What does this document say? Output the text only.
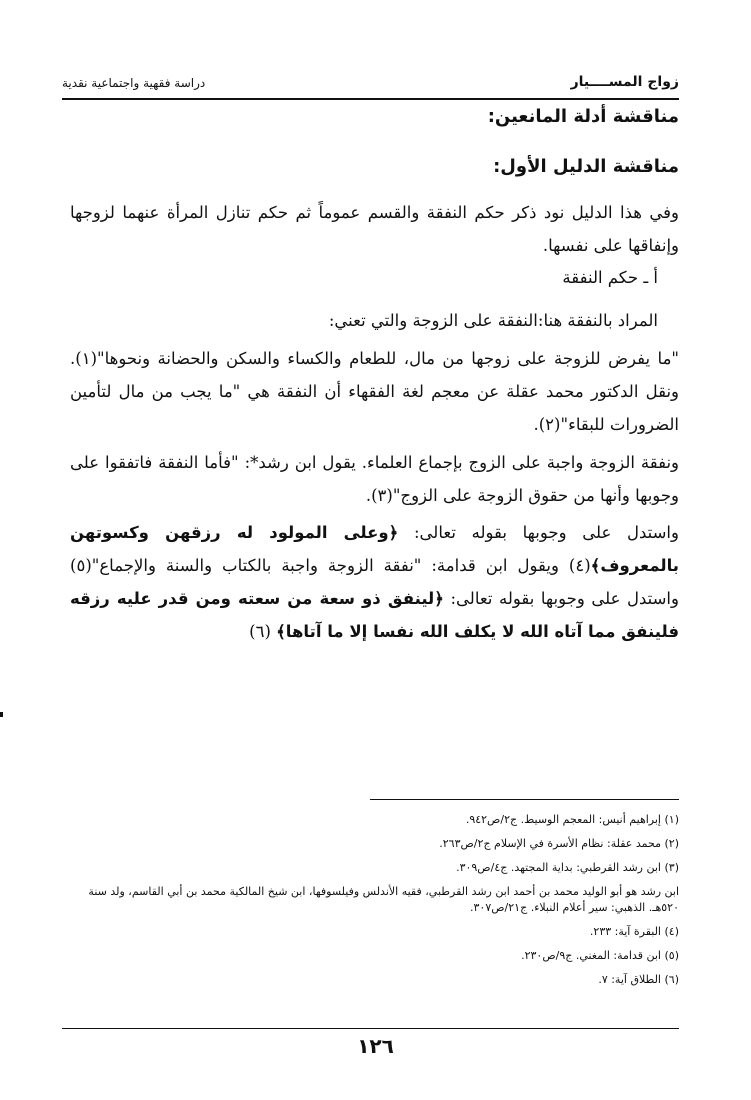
زواج المســــيار
دراسة فقهية واجتماعية نقدية
مناقشة أدلة المانعين:
مناقشة الدليل الأول:
وفي هذا الدليل نود ذكر حكم النفقة والقسم عموماً ثم حكم تنازل المرأة عنهما لزوجها وإنفاقها على نفسها.
أ ـ حكم النفقة
المراد بالنفقة هنا:النفقة على الزوجة والتي تعني:
"ما يفرض للزوجة على زوجها من مال، للطعام والكساء والسكن والحضانة ونحوها"(١). ونقل الدكتور محمد عقلة عن معجم لغة الفقهاء أن النفقة هي "ما يجب من مال لتأمين الضرورات للبقاء"(٢).
ونفقة الزوجة واجبة على الزوج بإجماع العلماء. يقول ابن رشد*: "فأما النفقة فاتفقوا على وجوبها وأنها من حقوق الزوجة على الزوج"(٣).
واستدل على وجوبها بقوله تعالى: ﴿وعلى المولود له رزقهن وكسوتهن بالمعروف﴾(٤) ويقول ابن قدامة: "نفقة الزوجة واجبة بالكتاب والسنة والإجماع"(٥) واستدل على وجوبها بقوله تعالى: ﴿لينفق ذو سعة من سعته ومن قدر عليه رزقه فلينفق مما آتاه الله لا يكلف الله نفسا إلا ما آتاها﴾ (٦)
(١) إبراهيم أنيس: المعجم الوسيط. ج٢/ص٩٤٢.
(٢) محمد عقلة: نظام الأسرة في الإسلام ج٢/ص٢٦٣.
(٣) ابن رشد القرطبي: بداية المجتهد. ج٤/ص٣٠٩.
ابن رشد هو أبو الوليد محمد بن أحمد ابن رشد القرطبي، فقيه الأندلس وفيلسوفها، ابن شيخ المالكية محمد بن أبي القاسم، ولد سنة ٥٢٠هـ. الذهبي: سير أعلام النبلاء. ج٢١/ص٣٠٧.
(٤) البقرة آية: ٢٣٣.
(٥) ابن قدامة: المغني. ج٩/ص٢٣٠.
(٦) الطلاق آية: ٧.
١٢٦
